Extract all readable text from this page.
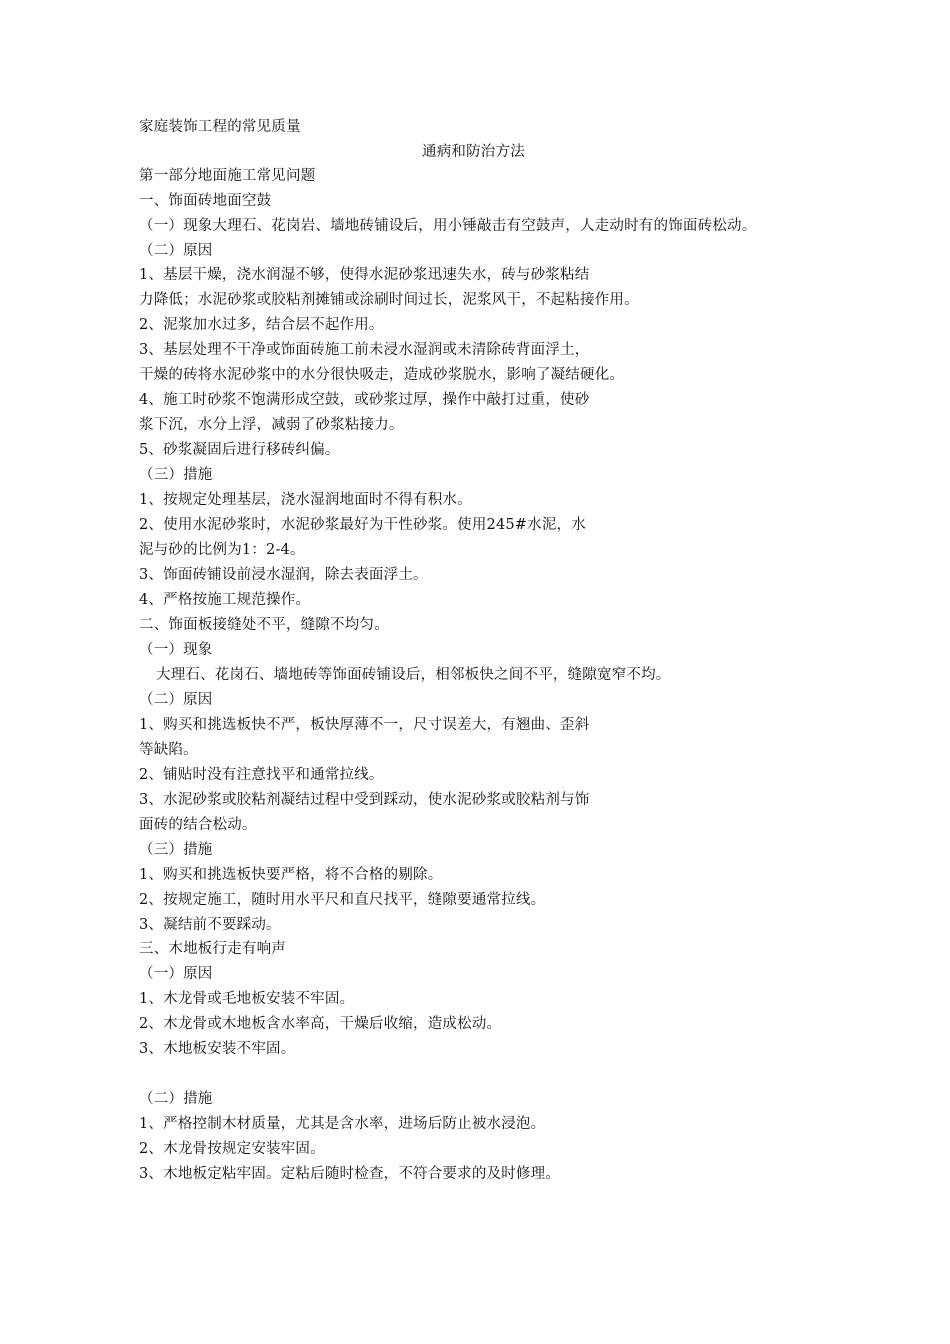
家庭装饰工程的常见质量
通病和防治方法
第一部分地面施工常见问题
一、饰面砖地面空鼓
（一）现象大理石、花岗岩、墙地砖铺设后，用小锤敲击有空鼓声，人走动时有的饰面砖松动。
（二）原因
1、基层干燥，浇水润湿不够，使得水泥砂浆迅速失水，砖与砂浆粘结
力降低；水泥砂浆或胶粘剂摊铺或涂刷时间过长，泥浆风干，不起粘接作用。
2、泥浆加水过多，结合层不起作用。
3、基层处理不干净或饰面砖施工前未浸水湿润或未清除砖背面浮土，
干燥的砖将水泥砂浆中的水分很快吸走，造成砂浆脱水，影响了凝结硬化。
4、施工时砂浆不饱满形成空鼓，或砂浆过厚，操作中敲打过重，使砂
浆下沉，水分上浮，减弱了砂浆粘接力。
5、砂浆凝固后进行移砖纠偏。
（三）措施
1、按规定处理基层，浇水湿润地面时不得有积水。
2、使用水泥砂浆时，水泥砂浆最好为干性砂浆。使用245#水泥，水
泥与砂的比例为1：2-4。
3、饰面砖铺设前浸水湿润，除去表面浮土。
4、严格按施工规范操作。
二、饰面板接缝处不平，缝隙不均匀。
（一）现象
大理石、花岗石、墙地砖等饰面砖铺设后，相邻板快之间不平，缝隙宽窄不均。
（二）原因
1、购买和挑选板快不严，板快厚薄不一，尺寸误差大，有翘曲、歪斜
等缺陷。
2、铺贴时没有注意找平和通常拉线。
3、水泥砂浆或胶粘剂凝结过程中受到踩动，使水泥砂浆或胶粘剂与饰
面砖的结合松动。
（三）措施
1、购买和挑选板快要严格，将不合格的剔除。
2、按规定施工，随时用水平尺和直尺找平，缝隙要通常拉线。
3、凝结前不要踩动。
三、木地板行走有响声
（一）原因
1、木龙骨或毛地板安装不牢固。
2、木龙骨或木地板含水率高，干燥后收缩，造成松动。
3、木地板安装不牢固。
（二）措施
1、严格控制木材质量，尤其是含水率，进场后防止被水浸泡。
2、木龙骨按规定安装牢固。
3、木地板定粘牢固。定粘后随时检查，不符合要求的及时修理。
